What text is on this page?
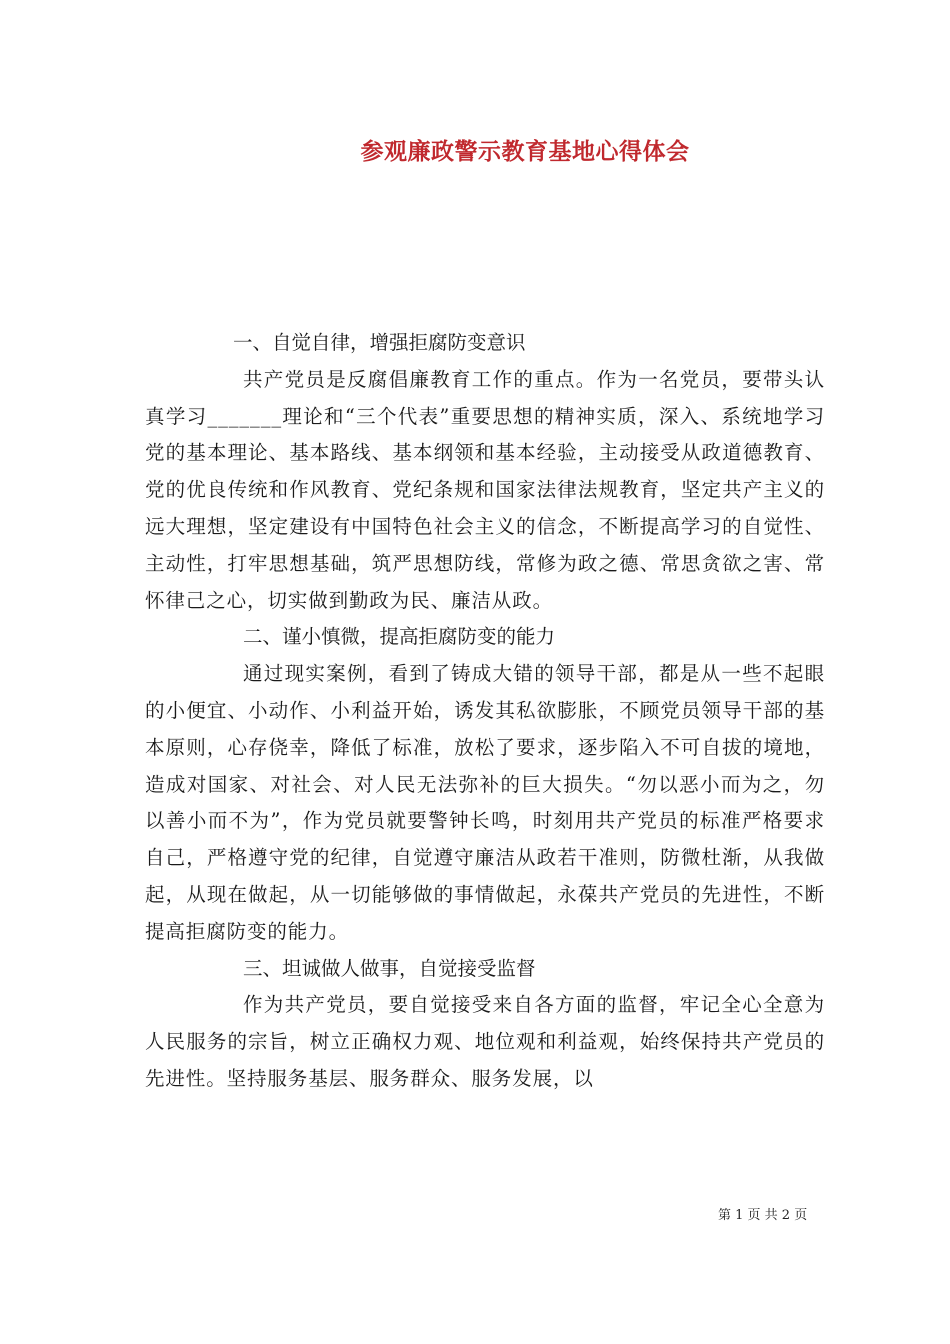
参观廉政警示教育基地心得体会

一、自觉自律，增强拒腐防变意识

共产党员是反腐倡廉教育工作的重点。作为一名党员，要带头认真学习_______理论和“三个代表”重要思想的精神实质，深入、系统地学习党的基本理论、基本路线、基本纲领和基本经验，主动接受从政道德教育、党的优良传统和作风教育、党纪条规和国家法律法规教育，坚定共产主义的远大理想，坚定建设有中国特色社会主义的信念，不断提高学习的自觉性、主动性，打牢思想基础，筑严思想防线，常修为政之德、常思贪欲之害、常怀律己之心，切实做到勤政为民、廉洁从政。

二、谨小慎微，提高拒腐防变的能力

通过现实案例，看到了铸成大错的领导干部，都是从一些不起眼的小便宜、小动作、小利益开始，诱发其私欲膨胀，不顾党员领导干部的基本原则，心存侥幸，降低了标准，放松了要求，逐步陷入不可自拔的境地，造成对国家、对社会、对人民无法弥补的巨大损失。“勿以恶小而为之，勿以善小而不为”，作为党员就要警钟长鸣，时刻用共产党员的标准严格要求自己，严格遵守党的纪律，自觉遵守廉洁从政若干准则，防微杜渐，从我做起，从现在做起，从一切能够做的事情做起，永葆共产党员的先进性，不断提高拒腐防变的能力。

三、坦诚做人做事，自觉接受监督

作为共产党员，要自觉接受来自各方面的监督，牢记全心全意为人民服务的宗旨，树立正确权力观、地位观和利益观，始终保持共产党员的先进性。坚持服务基层、服务群众、服务发展，以

第 1 页 共 2 页
